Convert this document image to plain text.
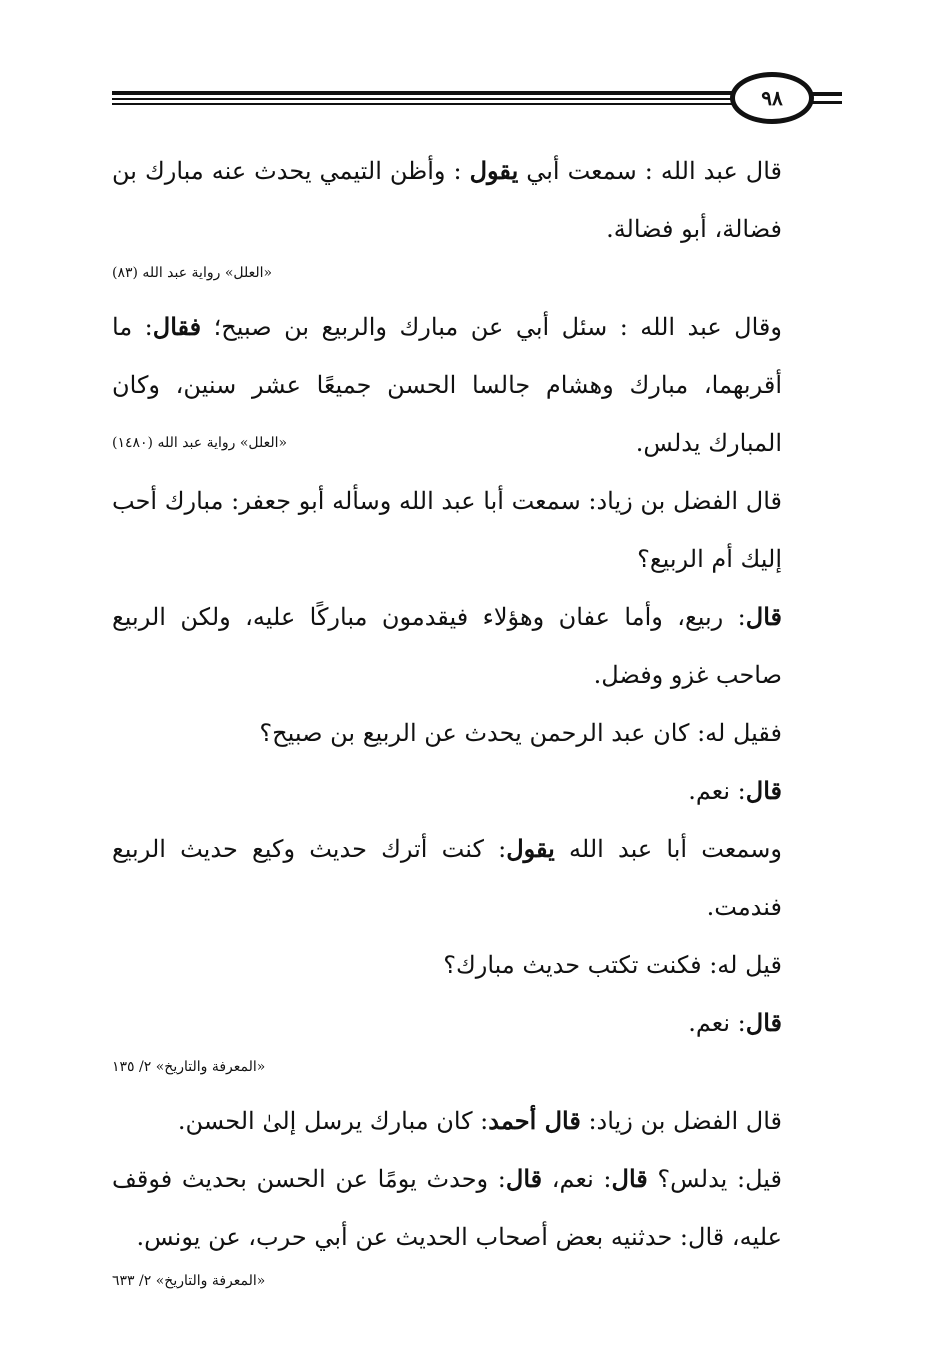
٩٨

قال عبد الله : سمعت أبي يقول : وأظن التيمي يحدث عنه مبارك بن فضالة، أبو فضالة.

«العلل» رواية عبد الله (٨٣)

وقال عبد الله : سئل أبي عن مبارك والربيع بن صبيح؛ فقال: ما أقربهما، مبارك وهشام جالسا الحسن جميعًا عشر سنين، وكان المبارك يدلس.
«العلل» رواية عبد الله (١٤٨٠)

قال الفضل بن زياد: سمعت أبا عبد الله وسأله أبو جعفر: مبارك أحب إليك أم الربيع؟

قال: ربيع، وأما عفان وهؤلاء فيقدمون مباركًا عليه، ولكن الربيع صاحب غزو وفضل.

فقيل له: كان عبد الرحمن يحدث عن الربيع بن صبيح؟

قال: نعم.

وسمعت أبا عبد الله يقول: كنت أترك حديث وكيع حديث الربيع فندمت.

قيل له: فكنت تكتب حديث مبارك؟

قال: نعم.

«المعرفة والتاريخ» ٢/ ١٣٥

قال الفضل بن زياد: قال أحمد: كان مبارك يرسل إلىٰ الحسن.

قيل: يدلس؟ قال: نعم، قال: وحدث يومًا عن الحسن بحديث فوقف عليه، قال: حدثنيه بعض أصحاب الحديث عن أبي حرب، عن يونس.

«المعرفة والتاريخ» ٢/ ٦٣٣
